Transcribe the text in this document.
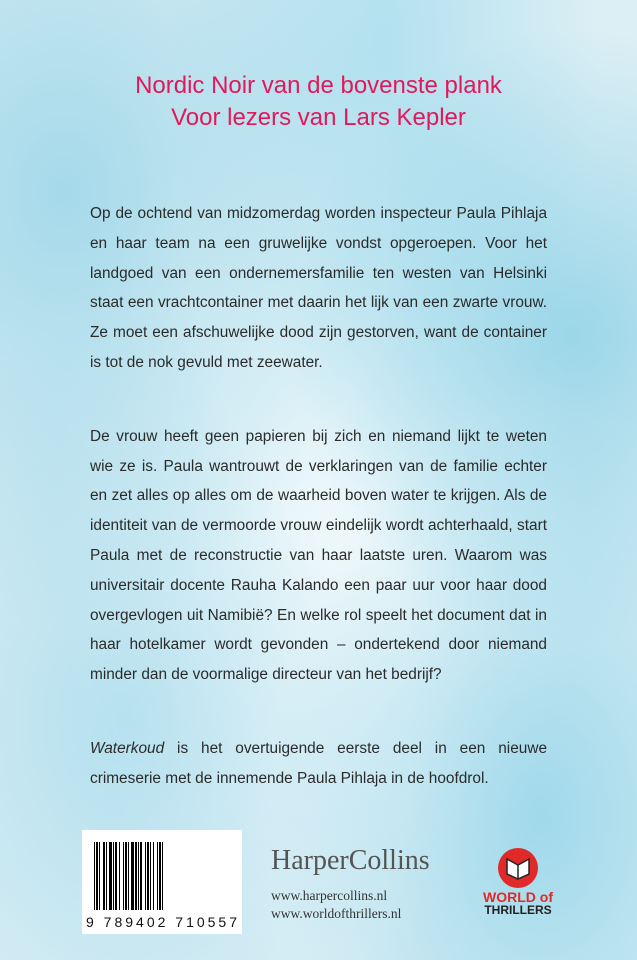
Nordic Noir van de bovenste plank
Voor lezers van Lars Kepler

Op de ochtend van midzomerdag worden inspecteur Paula Pihlaja en haar team na een gruwelijke vondst opgeroepen. Voor het landgoed van een ondernemersfamilie ten westen van Helsinki staat een vrachtcontainer met daarin het lijk van een zwarte vrouw. Ze moet een afschuwelijke dood zijn gestorven, want de container is tot de nok gevuld met zeewater.

De vrouw heeft geen papieren bij zich en niemand lijkt te weten wie ze is. Paula wantrouwt de verklaringen van de familie echter en zet alles op alles om de waarheid boven water te krijgen. Als de identiteit van de vermoorde vrouw eindelijk wordt achterhaald, start Paula met de reconstructie van haar laatste uren. Waarom was universitair docente Rauha Kalando een paar uur voor haar dood overgevlogen uit Namibië? En welke rol speelt het document dat in haar hotelkamer wordt gevonden – ondertekend door niemand minder dan de voormalige directeur van het bedrijf?

Waterkoud is het overtuigende eerste deel in een nieuwe crimeserie met de innemende Paula Pihlaja in de hoofdrol.

9 789402 710557
HarperCollins
www.harpercollins.nl
www.worldofthrillers.nl
WORLD of
THRILLERS
